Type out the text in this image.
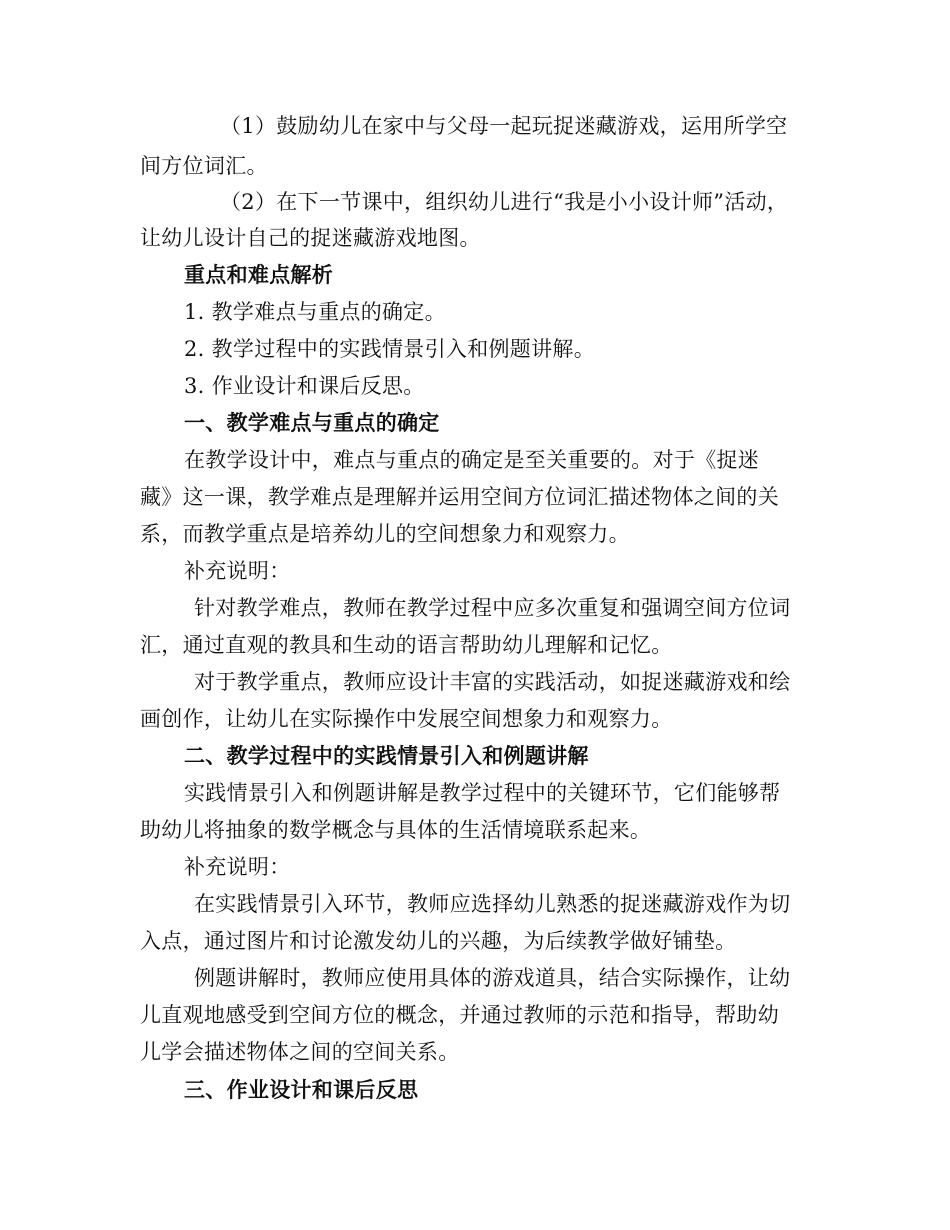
（1）鼓励幼儿在家中与父母一起玩捉迷藏游戏，运用所学空
间方位词汇。
（2）在下一节课中，组织幼儿进行“我是小小设计师”活动，
让幼儿设计自己的捉迷藏游戏地图。
重点和难点解析
1. 教学难点与重点的确定。
2. 教学过程中的实践情景引入和例题讲解。
3. 作业设计和课后反思。
一、教学难点与重点的确定
在教学设计中，难点与重点的确定是至关重要的。对于《捉迷
藏》这一课，教学难点是理解并运用空间方位词汇描述物体之间的关
系，而教学重点是培养幼儿的空间想象力和观察力。
补充说明：
针对教学难点，教师在教学过程中应多次重复和强调空间方位词
汇，通过直观的教具和生动的语言帮助幼儿理解和记忆。
对于教学重点，教师应设计丰富的实践活动，如捉迷藏游戏和绘
画创作，让幼儿在实际操作中发展空间想象力和观察力。
二、教学过程中的实践情景引入和例题讲解
实践情景引入和例题讲解是教学过程中的关键环节，它们能够帮
助幼儿将抽象的数学概念与具体的生活情境联系起来。
补充说明：
在实践情景引入环节，教师应选择幼儿熟悉的捉迷藏游戏作为切
入点，通过图片和讨论激发幼儿的兴趣，为后续教学做好铺垫。
例题讲解时，教师应使用具体的游戏道具，结合实际操作，让幼
儿直观地感受到空间方位的概念，并通过教师的示范和指导，帮助幼
儿学会描述物体之间的空间关系。
三、作业设计和课后反思
